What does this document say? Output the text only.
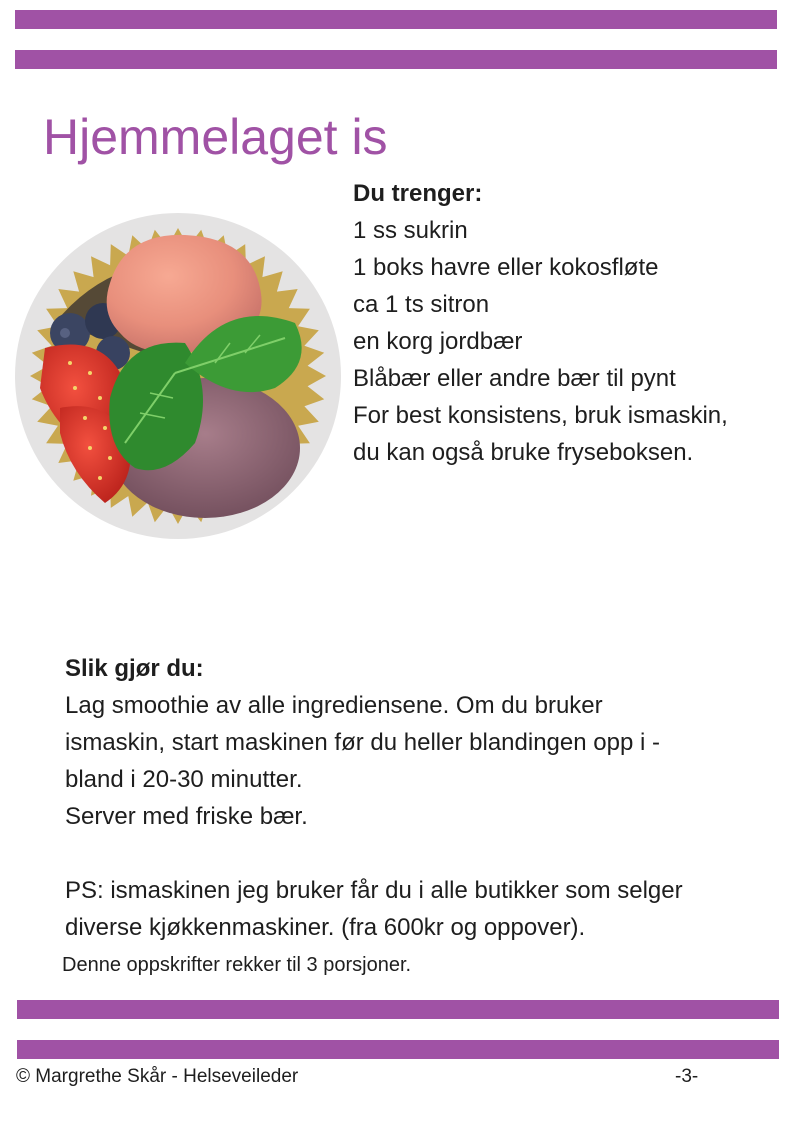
Hjemmelaget is
Du trenger:
1 ss sukrin
1 boks havre eller kokosfløte
ca 1 ts sitron
en korg jordbær
Blåbær eller andre bær til pynt
For best konsistens, bruk ismaskin,
du kan også bruke fryseboksen.
Slik gjør du:
Lag smoothie av alle ingrediensene. Om du bruker
ismaskin, start maskinen før du heller blandingen opp i -
bland i 20-30 minutter.
Server med friske bær.
PS: ismaskinen jeg bruker får du i alle butikker som selger
diverse kjøkkenmaskiner. (fra 600kr og oppover).
Denne oppskrifter rekker til 3 porsjoner.
© Margrethe Skår - Helseveileder	-3-
